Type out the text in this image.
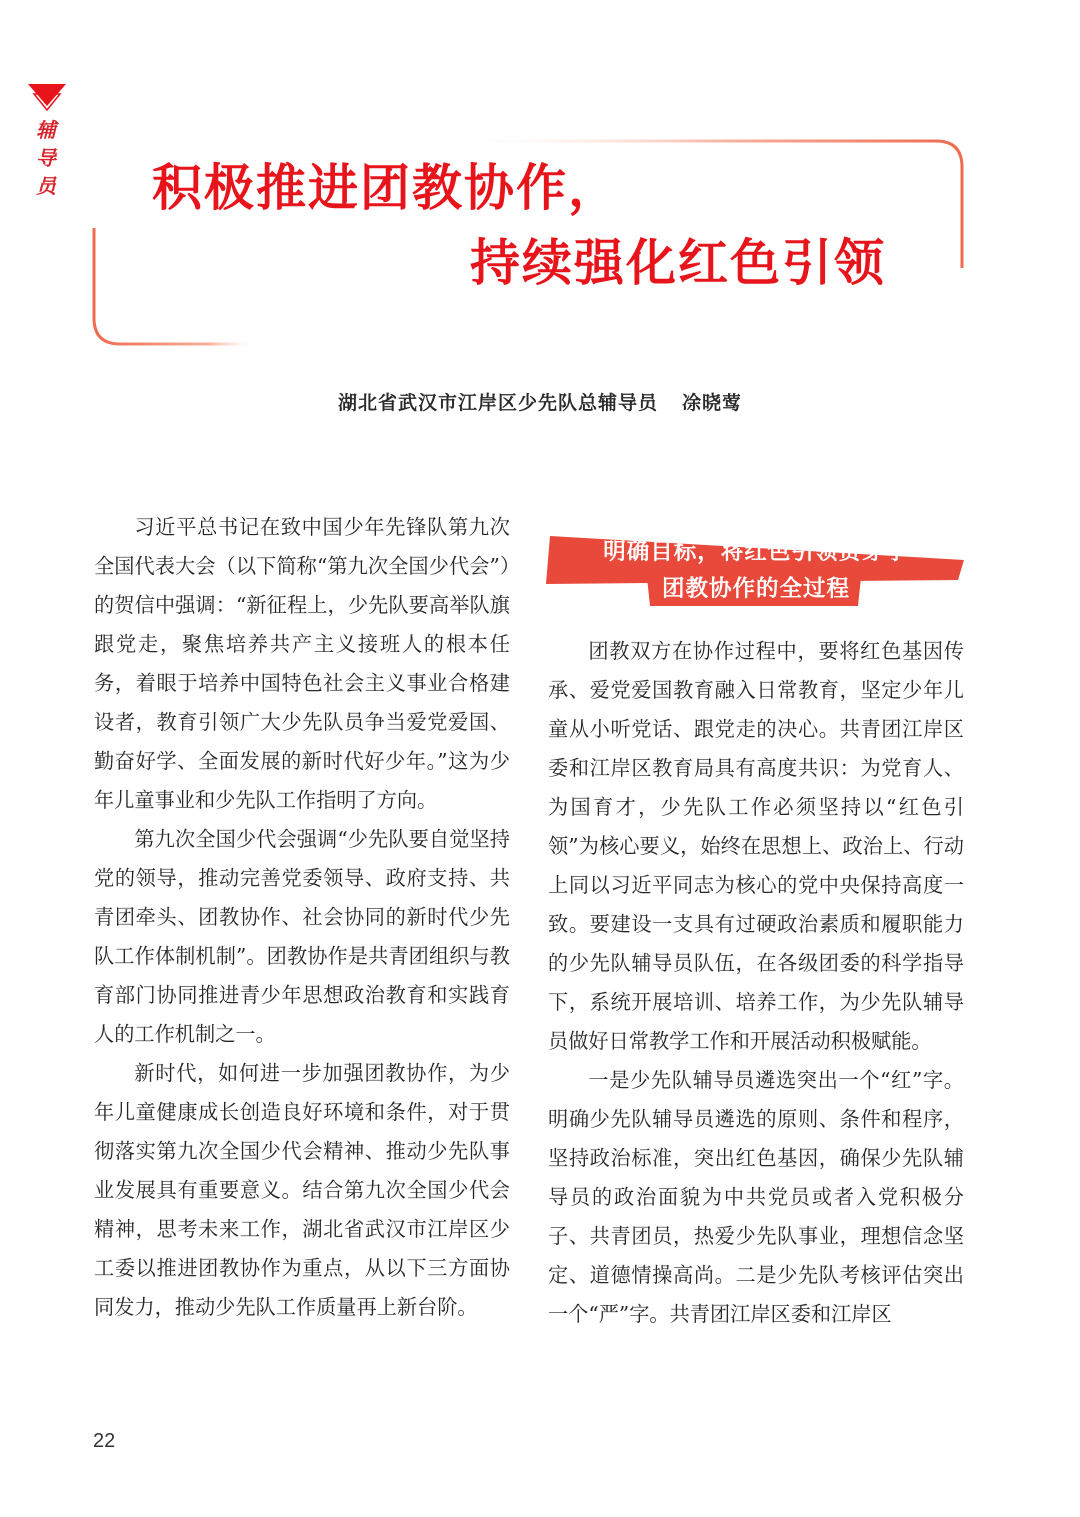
辅导员 积极推进团教协作，
持续强化红色引领
湖北省武汉市江岸区少先队总辅导员 凃晓莺

习近平总书记在致中国少年先锋队第九次全国代表大会（以下简称“第九次全国少代会”）的贺信中强调：“新征程上，少先队要高举队旗跟党走，聚焦培养共产主义接班人的根本任务，着眼于培养中国特色社会主义事业合格建设者，教育引领广大少先队员争当爱党爱国、勤奋好学、全面发展的新时代好少年。”这为少年儿童事业和少先队工作指明了方向。

第九次全国少代会强调“少先队要自觉坚持党的领导，推动完善党委领导、政府支持、共青团牵头、团教协作、社会协同的新时代少先队工作体制机制”。团教协作是共青团组织与教育部门协同推进青少年思想政治教育和实践育人的工作机制之一。

新时代，如何进一步加强团教协作，为少年儿童健康成长创造良好环境和条件，对于贯彻落实第九次全国少代会精神、推动少先队事业发展具有重要意义。结合第九次全国少代会精神，思考未来工作，湖北省武汉市江岸区少工委以推进团教协作为重点，从以下三方面协同发力，推动少先队工作质量再上新台阶。

明确目标，将红色引领贯穿于
团教协作的全过程

团教双方在协作过程中，要将红色基因传承、爱党爱国教育融入日常教育，坚定少年儿童从小听党话、跟党走的决心。共青团江岸区委和江岸区教育局具有高度共识：为党育人、为国育才，少先队工作必须坚持以“红色引领”为核心要义，始终在思想上、政治上、行动上同以习近平同志为核心的党中央保持高度一致。要建设一支具有过硬政治素质和履职能力的少先队辅导员队伍，在各级团委的科学指导下，系统开展培训、培养工作，为少先队辅导员做好日常教学工作和开展活动积极赋能。

一是少先队辅导员遴选突出一个“红”字。明确少先队辅导员遴选的原则、条件和程序，坚持政治标准，突出红色基因，确保少先队辅导员的政治面貌为中共党员或者入党积极分子、共青团员，热爱少先队事业，理想信念坚定、道德情操高尚。二是少先队考核评估突出一个“严”字。共青团江岸区委和江岸区

22
